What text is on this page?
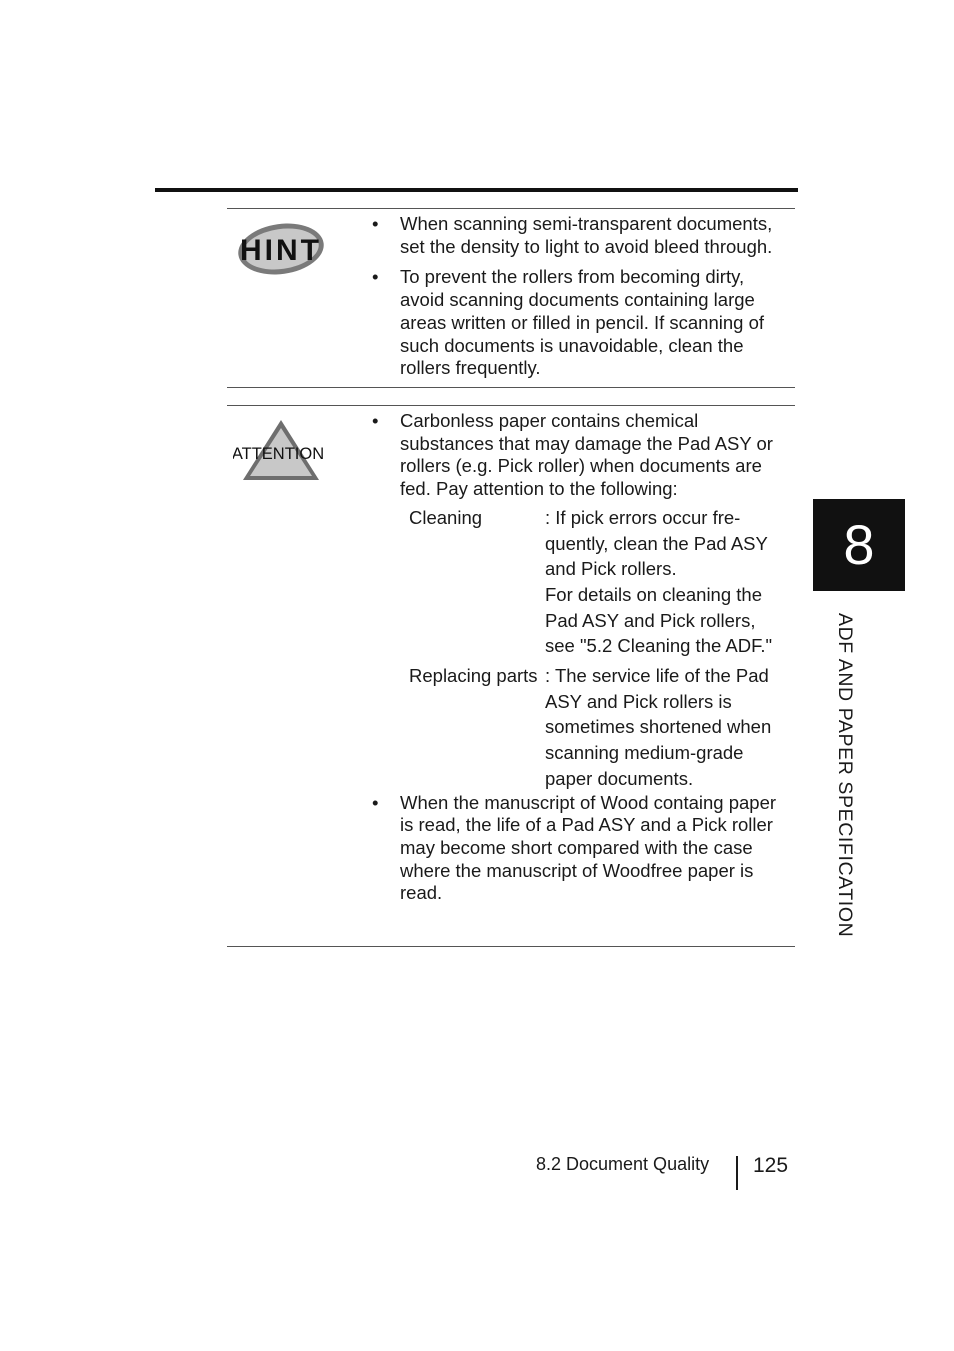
HINT
• When scanning semi-transparent documents, set the density to light to avoid bleed through.
• To prevent the rollers from becoming dirty, avoid scanning documents containing large areas written or filled in pencil. If scanning of such documents is unavoidable, clean the rollers frequently.
ATTENTION
• Carbonless paper contains chemical substances that may damage the Pad ASY or rollers (e.g. Pick roller) when documents are fed. Pay attention to the following:
Cleaning	: If pick errors occur fre-quently, clean the Pad ASY and Pick rollers.
For details on cleaning the Pad ASY and Pick rollers, see "5.2 Cleaning the ADF."
Replacing parts : The service life of the Pad ASY and Pick rollers is sometimes shortened when scanning medium-grade paper documents.
• When the manuscript of Wood containg paper is read, the life of a Pad ASY and a Pick roller may become short compared with the case where the manuscript of Woodfree paper is read.
8
ADF AND PAPER SPECIFICATION
8.2 Document Quality 125
